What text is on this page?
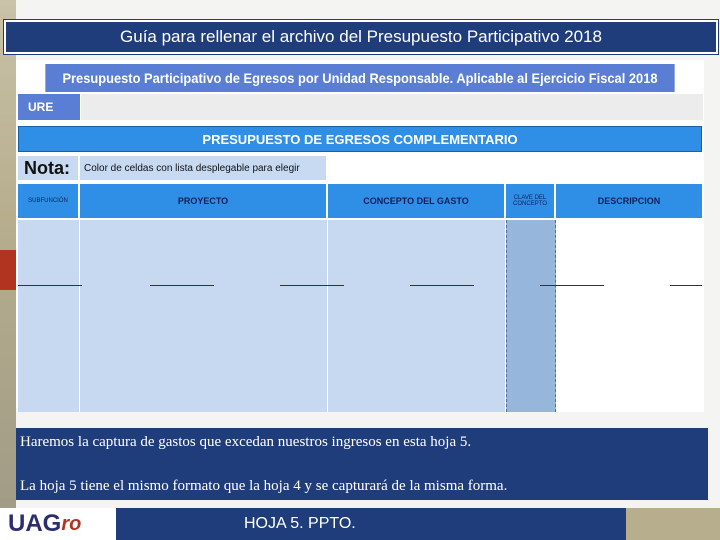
Guía para rellenar el archivo del Presupuesto Participativo 2018
Presupuesto Participativo de Egresos por Unidad Responsable. Aplicable al Ejercicio Fiscal 2018
URE
PRESUPUESTO DE EGRESOS COMPLEMENTARIO
Nota:	Color de celdas con lista desplegable para elegir
SUBFUNCIÓN	PROYECTO	CONCEPTO DEL GASTO	CLAVE DEL CONCEPTO	DESCRIPCION

Haremos la captura de gastos que excedan nuestros ingresos en esta hoja 5.

La hoja 5 tiene el mismo formato que la hoja 4 y se capturará de la misma forma.

UAG ro	HOJA 5. PPTO.
